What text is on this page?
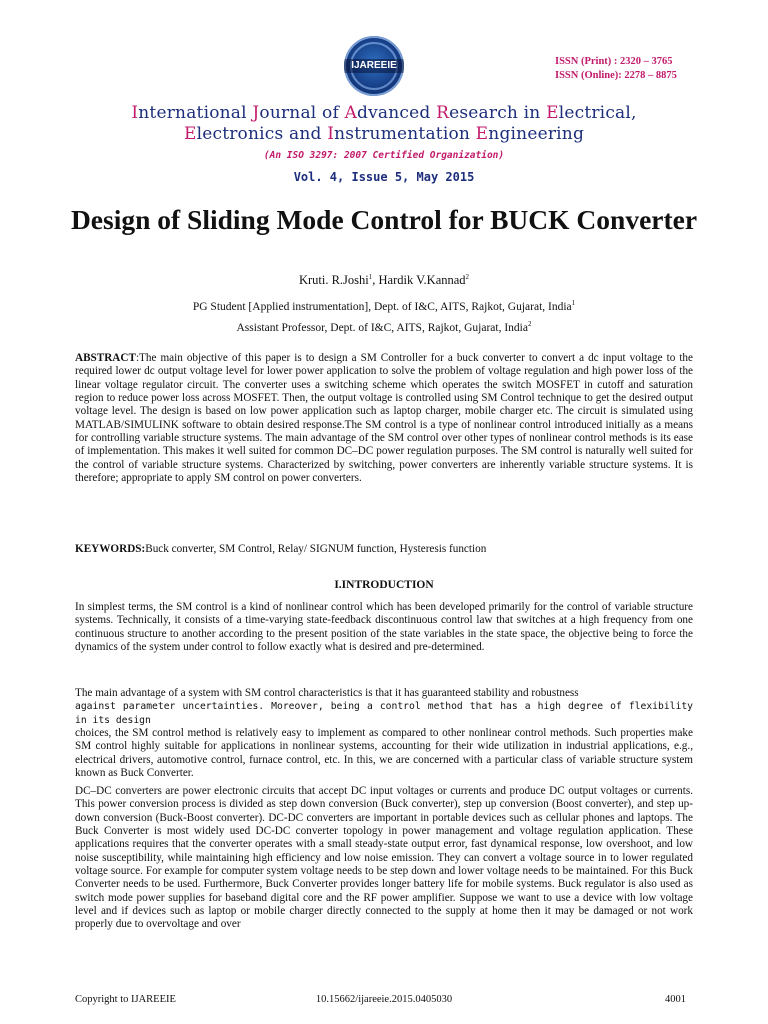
IJAREEIE	ISSN (Print) : 2320 – 3765
ISSN (Online): 2278 – 8875
International Journal of Advanced Research in Electrical,
Electronics and Instrumentation Engineering
(An ISO 3297: 2007 Certified Organization)
Vol. 4, Issue 5, May 2015
Design of Sliding Mode Control for BUCK Converter
Kruti. R.Joshi$^1$, Hardik V.Kannad$^2$
PG Student [Applied instrumentation], Dept. of I&C, AITS, Rajkot, Gujarat, India$^1$
Assistant Professor, Dept. of I&C, AITS, Rajkot, Gujarat, India$^2$

ABSTRACT:The main objective of this paper is to design a SM Controller for a buck converter to convert a dc input voltage to the required lower dc output voltage level for lower power application to solve the problem of voltage regulation and high power loss of the linear voltage regulator circuit. The converter uses a switching scheme which operates the switch MOSFET in cutoff and saturation region to reduce power loss across MOSFET. Then, the output voltage is controlled using SM Control technique to get the desired output voltage level. The design is based on low power application such as laptop charger, mobile charger etc. The circuit is simulated using MATLAB/SIMULINK software to obtain desired response.The SM control is a type of nonlinear control introduced initially as a means for controlling variable structure systems. The main advantage of the SM control over other types of nonlinear control methods is its ease of implementation. This makes it well suited for common DC–DC power regulation purposes. The SM control is naturally well suited for the control of variable structure systems. Characterized by switching, power converters are inherently variable structure systems. It is therefore; appropriate to apply SM control on power converters.

KEYWORDS:Buck converter, SM Control, Relay/ SIGNUM function, Hysteresis function

I.INTRODUCTION

In simplest terms, the SM control is a kind of nonlinear control which has been developed primarily for the control of variable structure systems. Technically, it consists of a time-varying state-feedback discontinuous control law that switches at a high frequency from one continuous structure to another according to the present position of the state variables in the state space, the objective being to force the dynamics of the system under control to follow exactly what is desired and pre-determined.

The main advantage of a system with SM control characteristics is that it has guaranteed stability and robustness
against parameter uncertainties. Moreover, being a control method that has a high degree of flexibility in its design
choices, the SM control method is relatively easy to implement as compared to other nonlinear control methods. Such properties make SM control highly suitable for applications in nonlinear systems, accounting for their wide utilization in industrial applications, e.g., electrical drivers, automotive control, furnace control, etc. In this, we are concerned with a particular class of variable structure system known as Buck Converter.

DC–DC converters are power electronic circuits that accept DC input voltages or currents and produce DC output voltages or currents. This power conversion process is divided as step down conversion (Buck converter), step up conversion (Boost converter), and step up-down conversion (Buck-Boost converter). DC-DC converters are important in portable devices such as cellular phones and laptops. The Buck Converter is most widely used DC-DC converter topology in power management and voltage regulation application. These applications requires that the converter operates with a small steady-state output error, fast dynamical response, low overshoot, and low noise susceptibility, while maintaining high efficiency and low noise emission. They can convert a voltage source in to lower regulated voltage source. For example for computer system voltage needs to be step down and lower voltage needs to be maintained. For this Buck Converter needs to be used. Furthermore, Buck Converter provides longer battery life for mobile systems. Buck regulator is also used as switch mode power supplies for baseband digital core and the RF power amplifier. Suppose we want to use a device with low voltage level and if devices such as laptop or mobile charger directly connected to the supply at home then it may be damaged or not work properly due to overvoltage and over

Copyright to IJAREEIE	10.15662/ijareeie.2015.0405030	4001
